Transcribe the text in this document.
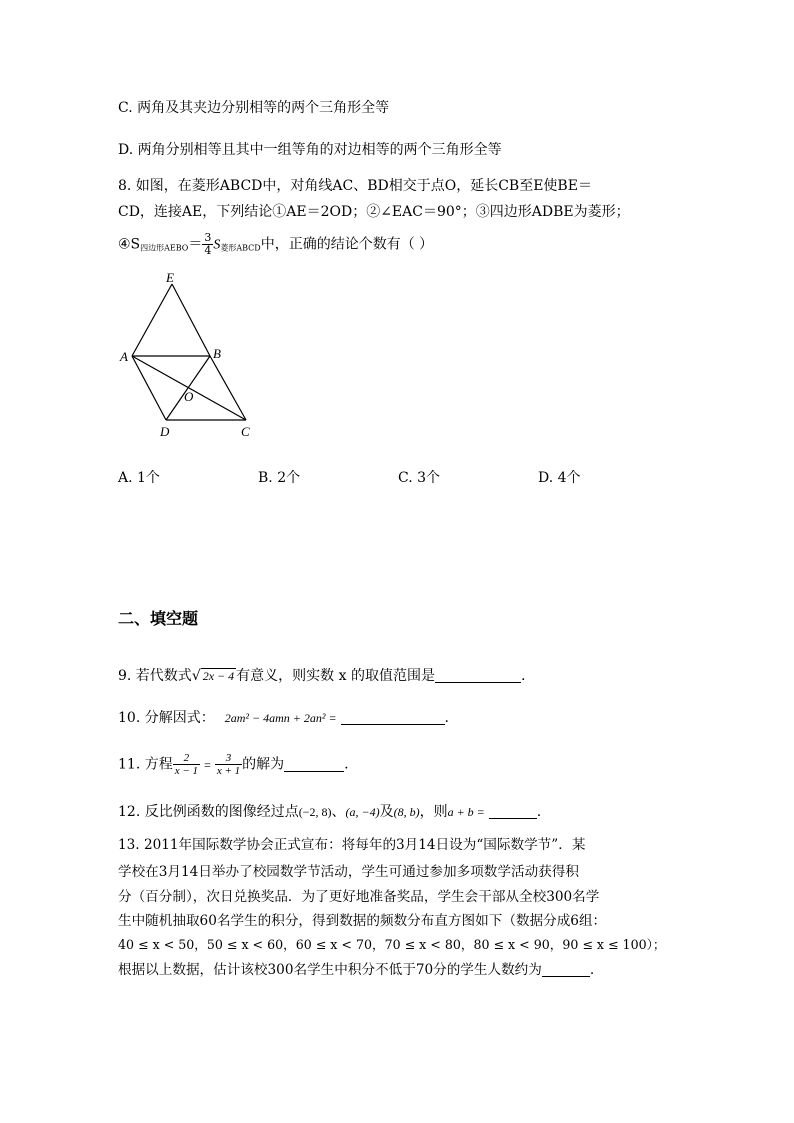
C. 两角及其夹边分别相等的两个三角形全等
D. 两角分别相等且其中一组等角的对边相等的两个三角形全等
8. 如图，在菱形ABCD中，对角线AC、BD相交于点O，延长CB至E使BE＝
CD，连接AE，下列结论①AE＝2OD；②∠EAC＝90°；③四边形ADBE为菱形；
$④S_{四边形AEBO}= \frac{3}{4} S_{菱形ABCD}$中，正确的结论个数有（ ）
E
A	B
O
D	C
A. 1个	B. 2个	C. 3个	D. 4个
二、填空题
9. 若代数式√ 2x − 4 有意义，则实数 x 的取值范围是	.
10. 分解因式： 2am² − 4amn + 2an² =	.
11. 方程 $\frac{2}{x - 1} = \frac{3}{x + 1}$ 的解为	.
12. 反比例函数的图像经过点(−2, 8)、(a, −4)及(8, b)，则a + b =	.
13. 2011年国际数学协会正式宣布：将每年的3月14日设为“国际数学节”．某
学校在3月14日举办了校园数学节活动，学生可通过参加多项数学活动获得积
分（百分制），次日兑换奖品．为了更好地准备奖品，学生会干部从全校300名学
生中随机抽取60名学生的积分，得到数据的频数分布直方图如下（数据分成6组：
40 ≤ x < 50，50 ≤ x < 60，60 ≤ x < 70，70 ≤ x < 80，80 ≤ x < 90，90 ≤ x ≤ 100）；
根据以上数据，估计该校300名学生中积分不低于70分的学生人数约为	.
